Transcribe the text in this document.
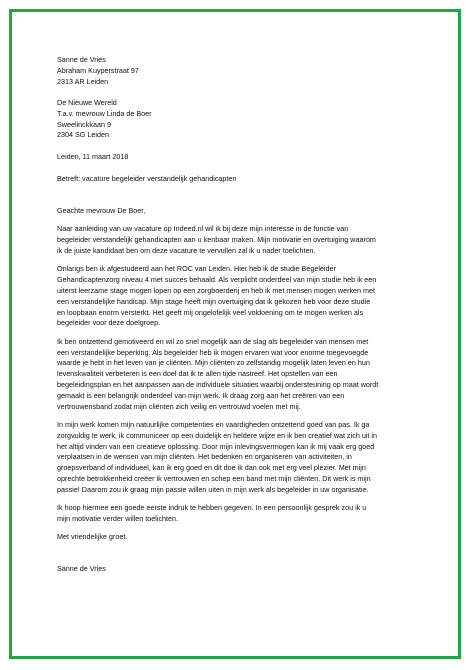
Sanne de Vries
Abraham Kuyperstraat 97
2313 AR Leiden
De Nieuwe Wereld
T.a.v. mevrouw Linda de Boer
Sweelinckkaan 9
2304 SG Leiden
Leiden, 11 maart 2018
Betreft: vacature begeleider verstandelijk gehandicapten
Geachte mevrouw De Boer,
Naar aanleiding van uw vacature op Indeed.nl wil ik bij deze mijn interesse in de functie van
begeleider verstandelijk gehandicapten aan u kenbaar maken. Mijn motivatie en overtuiging waarom
ik de juiste kandidaat ben om deze vacature te vervullen zal ik u nader toelichten.
Onlangs ben ik afgestudeerd aan het ROC van Leiden. Hier heb ik de studie Begeleider
Gehandicaptenzorg niveau 4 met succes behaald. Als verplicht onderdeel van mijn studie heb ik een
uiterst leerzame stage mogen lopen op een zorgboerderij en heb ik met mensen mogen werken met
een verstandelijke handicap. Mijn stage heeft mijn overtuiging dat ik gekozen heb voor deze studie
en loopbaan enorm versterkt. Het geeft mij ongelofelijk veel voldoening om te mogen werken als
begeleider voor deze doelgroep.
Ik ben ontzettend gemotiveerd en wil zo snel mogelijk aan de slag als begeleider van mensen met
een verstandelijke beperking. Als begeleider heb ik mogen ervaren wat voor enorme toegevoegde
waarde je hebt in het leven van je cliënten. Mijn cliënten zo zelfstandig mogelijk laten leven en hun
levenskwaliteit verbeteren is een doel dat ik te allen tijde nastreef. Het opstellen van een
begeleidingsplan en het aanpassen aan de individuele situaties waarbij ondersteuning op maat wordt
gemaakt is een belangrijk onderdeel van mijn werk. Ik draag zorg aan het creëren van een
vertrouwensband zodat mijn cliënten zich veilig en vertrouwd voelen met mij.
In mijn werk komen mijn natuurlijke competenties en vaardigheden ontzettend goed van pas. Ik ga
zorgvuldig te werk, ik communiceer op een duidelijk en heldere wijze en ik ben creatief wat zich uit in
het altijd vinden van een creatieve oplossing. Door mijn inlevingsvermogen kan ik mij vaak erg goed
verplaatsen in de wensen van mijn cliënten. Het bedenken en organiseren van activiteiten, in
groepsverband of individueel, kan ik erg goed en dit doe ik dan ook met erg veel plezier. Met mijn
oprechte betrokkenheid creëer ik vertrouwen en schep een band met mijn cliënten. Dit werk is mijn
passie! Daarom zou ik graag mijn passie willen uiten in mijn werk als begeleider in uw organisatie.
Ik hoop hiermee een goede eerste indruk te hebben gegeven. In een persoonlijk gesprek zou ik u
mijn motivatie verder willen toelichten.
Met vriendelijke groet.
Sanne de Vries
